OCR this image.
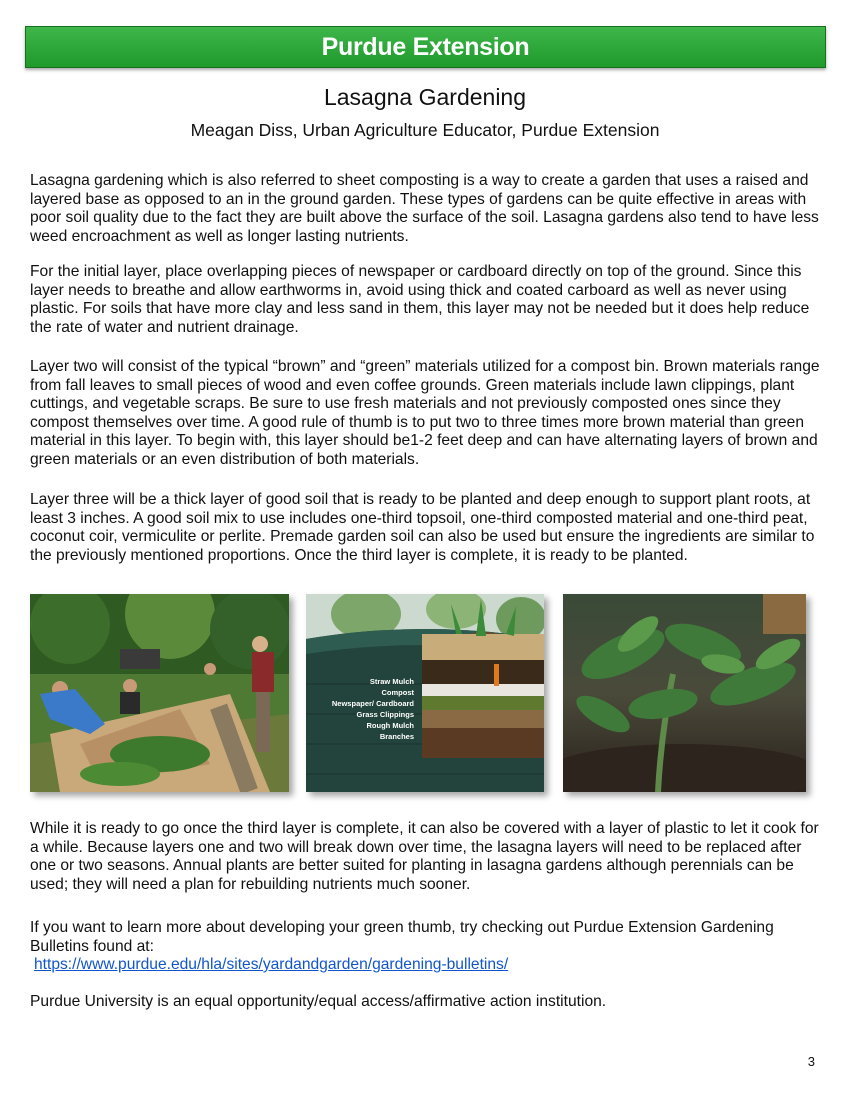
Purdue Extension
Lasagna Gardening
Meagan Diss, Urban Agriculture Educator, Purdue Extension

Lasagna gardening which is also referred to sheet composting is a way to create a garden that uses a raised and layered base as opposed to an in the ground garden. These types of gardens can be quite effective in areas with poor soil quality due to the fact they are built above the surface of the soil. Lasagna gardens also tend to have less weed encroachment as well as longer lasting nutrients.

For the initial layer, place overlapping pieces of newspaper or cardboard directly on top of the ground. Since this layer needs to breathe and allow earthworms in, avoid using thick and coated carboard as well as never using plastic. For soils that have more clay and less sand in them, this layer may not be needed but it does help reduce the rate of water and nutrient drainage.

Layer two will consist of the typical “brown” and “green” materials utilized for a compost bin. Brown materials range from fall leaves to small pieces of wood and even coffee grounds. Green materials include lawn clippings, plant cuttings, and vegetable scraps. Be sure to use fresh materials and not previously composted ones since they compost themselves over time. A good rule of thumb is to put two to three times more brown material than green material in this layer. To begin with, this layer should be1-2 feet deep and can have alternating layers of brown and green materials or an even distribution of both materials.

Layer three will be a thick layer of good soil that is ready to be planted and deep enough to support plant roots, at least 3 inches. A good soil mix to use includes one-third topsoil, one-third composted material and one-third peat, coconut coir, vermiculite or perlite. Premade garden soil can also be used but ensure the ingredients are similar to the previously mentioned proportions. Once the third layer is complete, it is ready to be planted.

Straw Mulch
Compost
Newspaper/ Cardboard
Grass Clippings
Rough Mulch
Branches

While it is ready to go once the third layer is complete, it can also be covered with a layer of plastic to let it cook for a while. Because layers one and two will break down over time, the lasagna layers will need to be replaced after one or two seasons. Annual plants are better suited for planting in lasagna gardens although perennials can be used; they will need a plan for rebuilding nutrients much sooner.

If you want to learn more about developing your green thumb, try checking out Purdue Extension Gardening Bulletins found at:

https://www.purdue.edu/hla/sites/yardandgarden/gardening-bulletins/

Purdue University is an equal opportunity/equal access/affirmative action institution.

3
